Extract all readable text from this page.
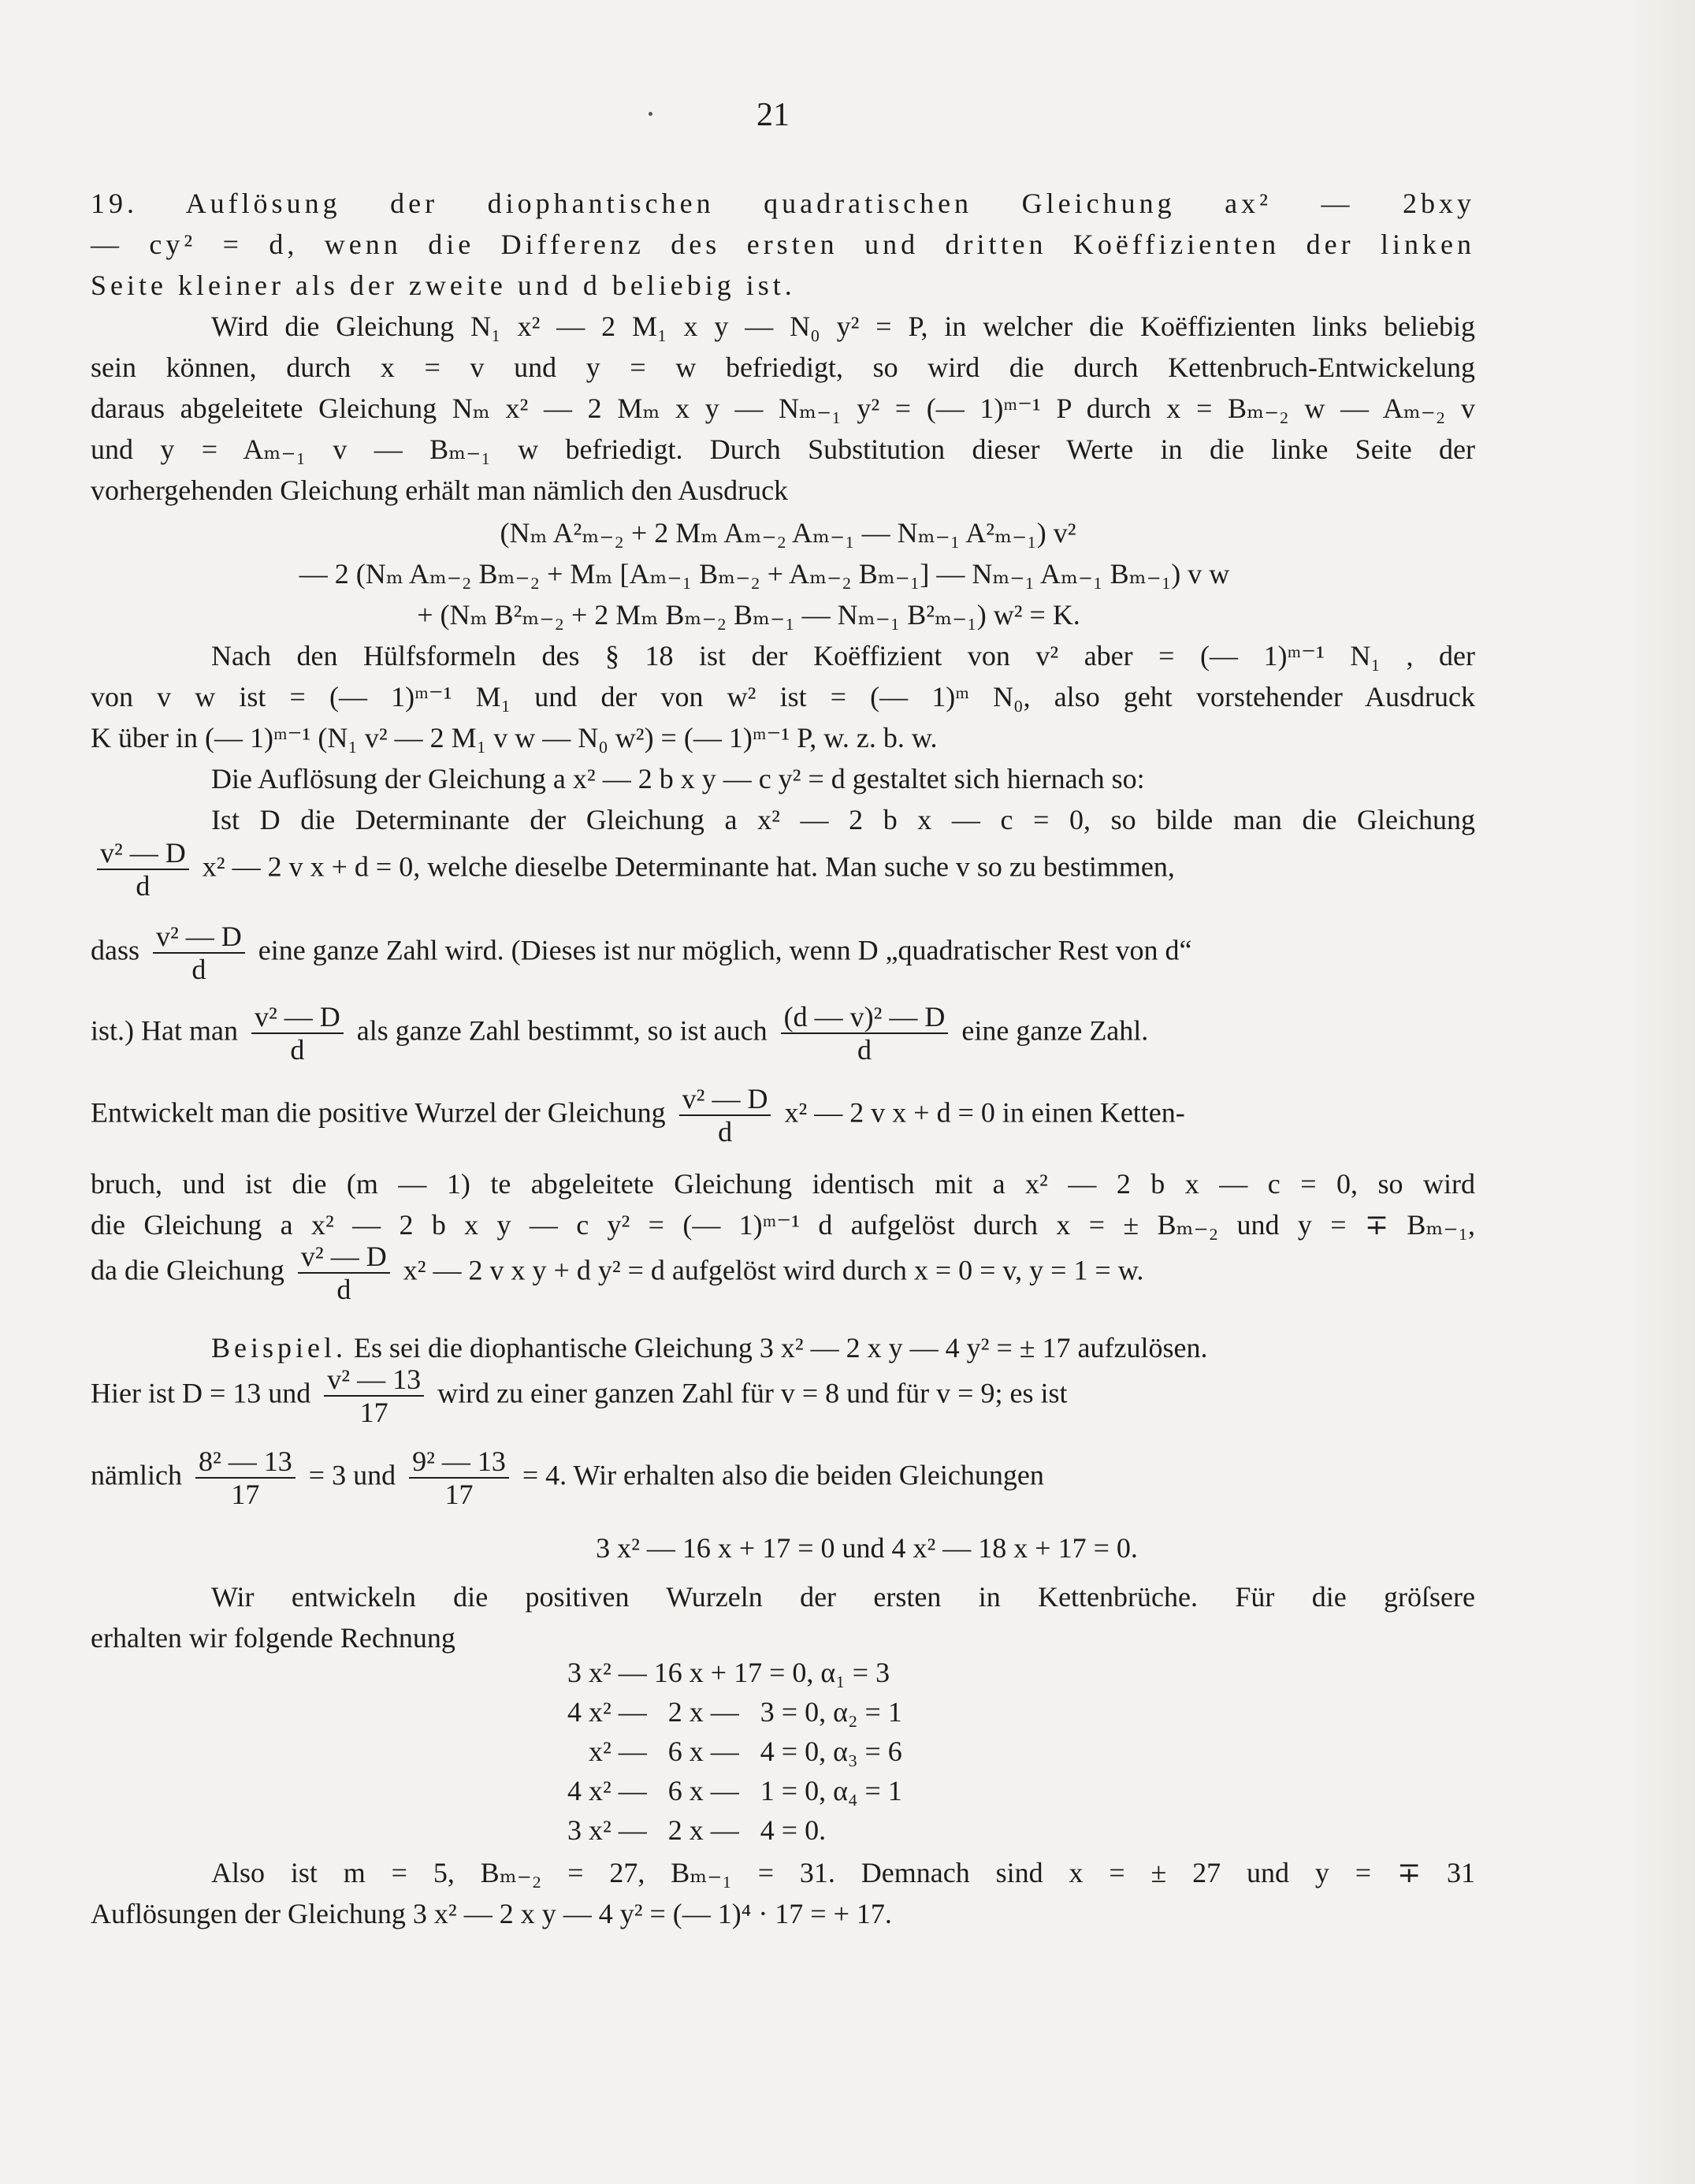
21
19. Auflösung der diophantischen quadratischen Gleichung ax² — 2bxy
— cy² = d, wenn die Differenz des ersten und dritten Koëffizienten der linken
Seite kleiner als der zweite und d beliebig ist.
Wird die Gleichung N₁ x² — 2 M₁ x y — N₀ y² = P, in welcher die Koëffizienten links beliebig
sein können, durch x = v und y = w befriedigt, so wird die durch Kettenbruch-Entwickelung
daraus abgeleitete Gleichung Nₘ x² — 2 Mₘ x y — Nₘ₋₁ y² = (— 1)ᵐ⁻¹ P durch x = Bₘ₋₂ w — Aₘ₋₂ v
und y = Aₘ₋₁ v — Bₘ₋₁ w befriedigt. Durch Substitution dieser Werte in die linke Seite der
vorhergehenden Gleichung erhält man nämlich den Ausdruck
(Nₘ A²ₘ₋₂ + 2 Mₘ Aₘ₋₂ Aₘ₋₁ — Nₘ₋₁ A²ₘ₋₁) v²
— 2 (Nₘ Aₘ₋₂ Bₘ₋₂ + Mₘ [Aₘ₋₁ Bₘ₋₂ + Aₘ₋₂ Bₘ₋₁] — Nₘ₋₁ Aₘ₋₁ Bₘ₋₁) v w
+ (Nₘ B²ₘ₋₂ + 2 Mₘ Bₘ₋₂ Bₘ₋₁ — Nₘ₋₁ B²ₘ₋₁) w² = K.
Nach den Hülfsformeln des § 18 ist der Koëffizient von v² aber = (— 1)ᵐ⁻¹ N₁ , der
von v w ist = (— 1)ᵐ⁻¹ M₁ und der von w² ist = (— 1)ᵐ N₀, also geht vorstehender Ausdruck
K über in (— 1)ᵐ⁻¹ (N₁ v² — 2 M₁ v w — N₀ w²) = (— 1)ᵐ⁻¹ P, w. z. b. w.
Die Auflösung der Gleichung a x² — 2 b x y — c y² = d gestaltet sich hiernach so:
Ist D die Determinante der Gleichung a x² — 2 b x — c = 0, so bilde man die Gleichung
$\frac{\text{v² — D}}{d} x^2$ — 2 v x + d = 0, welche dieselbe Determinante hat. Man suche v so zu bestimmen,
dass $\frac{\text{v² — D}}{d}$ eine ganze Zahl wird. (Dieses ist nur möglich, wenn D „quadratischer Rest von d“
ist.) Hat man $\frac{\text{v² — D}}{d}$ als ganze Zahl bestimmt, so ist auch $\frac{\text{(d — v)² — D}}{d}$ eine ganze Zahl.
Entwickelt man die positive Wurzel der Gleichung $\frac{\text{v² — D}}{d} x^2$ — 2 v x + d = 0 in einen Ketten-
bruch, und ist die (m — 1) te abgeleitete Gleichung identisch mit a x² — 2 b x — c = 0, so wird
die Gleichung a x² — 2 b x y — c y² = (— 1)ᵐ⁻¹ d aufgelöst durch x = ± Bₘ₋₂ und y = ∓ Bₘ₋₁,
da die Gleichung $\frac{\text{v² — D}}{d} x^2$ — 2 v x y + d y² = d aufgelöst wird durch x = 0 = v, y = 1 = w.
Beispiel. Es sei die diophantische Gleichung 3 x² — 2 x y — 4 y² = ± 17 aufzulösen.
Hier ist D = 13 und $\frac{\text{v² — 13}}{17}$ wird zu einer ganzen Zahl für v = 8 und für v = 9; es ist
nämlich $\frac{\text{8² — 13}}{17} = 3$ und $\frac{\text{9² — 13}}{17} = 4$. Wir erhalten also die beiden Gleichungen
3 x² — 16 x + 17 = 0 und 4 x² — 18 x + 17 = 0.
Wir entwickeln die positiven Wurzeln der ersten in Kettenbrüche. Für die gröſsere
erhalten wir folgende Rechnung
3 x² — 16 x + 17 = 0, α₁ = 3
4 x² —   2 x —   3 = 0, α₂ = 1
x² —   6 x —   4 = 0, α₃ = 6
4 x² —   6 x —   1 = 0, α₄ = 1
3 x² —   2 x —   4 = 0.
Also ist m = 5, Bₘ₋₂ = 27, Bₘ₋₁ = 31. Demnach sind x = ± 27 und y = ∓ 31
Auflösungen der Gleichung 3 x² — 2 x y — 4 y² = (— 1)⁴ · 17 = + 17.
